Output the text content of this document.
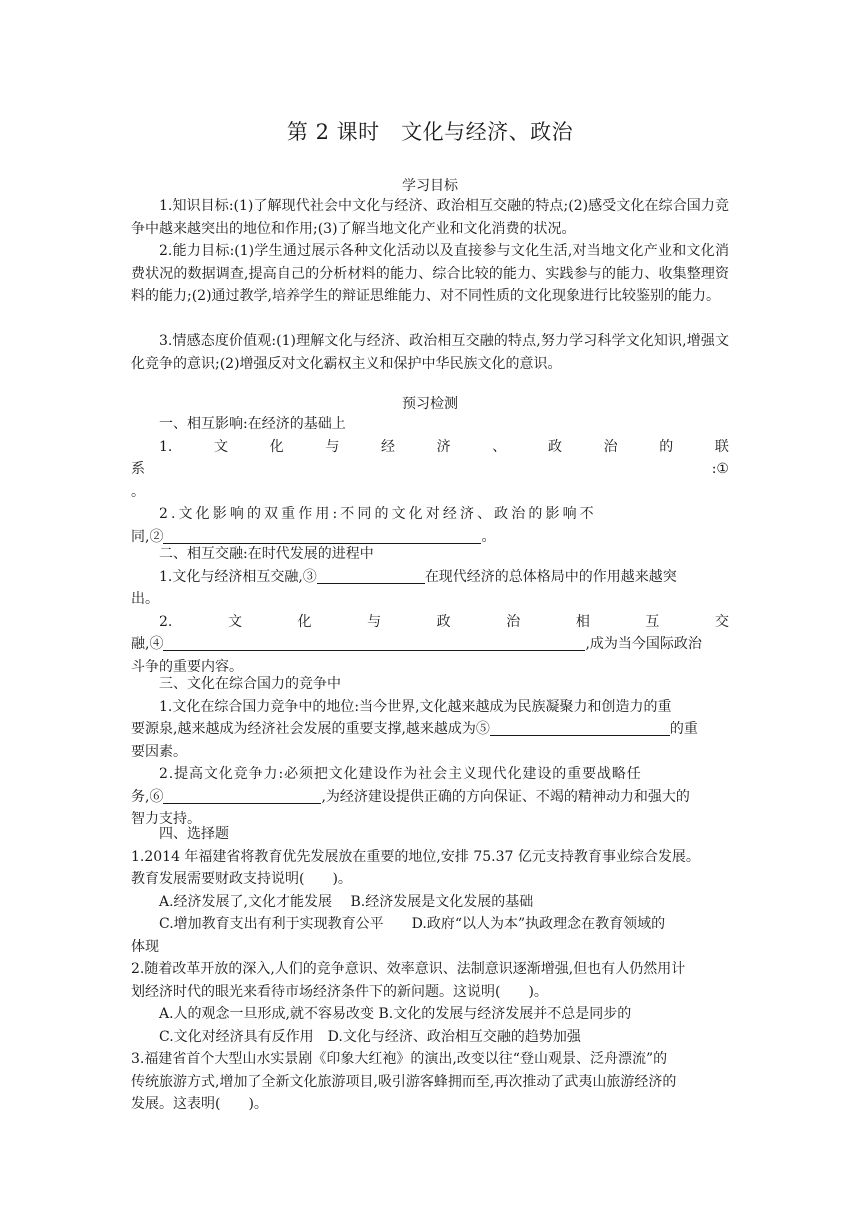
第 2 课时　文化与经济、政治
学习目标
1.知识目标:(1)了解现代社会中文化与经济、政治相互交融的特点;(2)感受文化在综合国力竞争中越来越突出的地位和作用;(3)了解当地文化产业和文化消费的状况。
2.能力目标:(1)学生通过展示各种文化活动以及直接参与文化生活,对当地文化产业和文化消费状况的数据调查,提高自己的分析材料的能力、综合比较的能力、实践参与的能力、收集整理资料的能力;(2)通过教学,培养学生的辩证思维能力、对不同性质的文化现象进行比较鉴别的能力。
3.情感态度价值观:(1)理解文化与经济、政治相互交融的特点,努力学习科学文化知识,增强文化竞争的意识;(2)增强反对文化霸权主义和保护中华民族文化的意识。
预习检测
一、相互影响:在经济的基础上
1.	文	化	与	经	济	、	政	治	的	联
系	:①
。
2.文化影响的双重作用:不同的文化对经济、政治的影响不
同,②	。
二、相互交融:在时代发展的进程中
1.文化与经济相互交融,③	在现代经济的总体格局中的作用越来越突
出。
2.	文	化	与	政	治	相	互	交
融,④	,成为当今国际政治
斗争的重要内容。
三、文化在综合国力的竞争中
1.文化在综合国力竞争中的地位:当今世界,文化越来越成为民族凝聚力和创造力的重
要源泉,越来越成为经济社会发展的重要支撑,越来越成为⑤	的重
要因素。
2.提高文化竞争力:必须把文化建设作为社会主义现代化建设的重要战略任
务,⑥	,为经济建设提供正确的方向保证、不竭的精神动力和强大的
智力支持。
四、选择题
1.2014 年福建省将教育优先发展放在重要的地位,安排 75.37 亿元支持教育事业综合发展。
教育发展需要财政支持说明(　　)。
A.经济发展了,文化才能发展　 B.经济发展是文化发展的基础
C.增加教育支出有利于实现教育公平　　D.政府“以人为本”执政理念在教育领域的
体现
2.随着改革开放的深入,人们的竞争意识、效率意识、法制意识逐渐增强,但也有人仍然用计
划经济时代的眼光来看待市场经济条件下的新问题。这说明(　　)。
A.人的观念一旦形成,就不容易改变 B.文化的发展与经济发展并不总是同步的
C.文化对经济具有反作用　D.文化与经济、政治相互交融的趋势加强
3.福建省首个大型山水实景剧《印象大红袍》的演出,改变以往“登山观景、泛舟漂流”的
传统旅游方式,增加了全新文化旅游项目,吸引游客蜂拥而至,再次推动了武夷山旅游经济的
发展。这表明(　　)。
